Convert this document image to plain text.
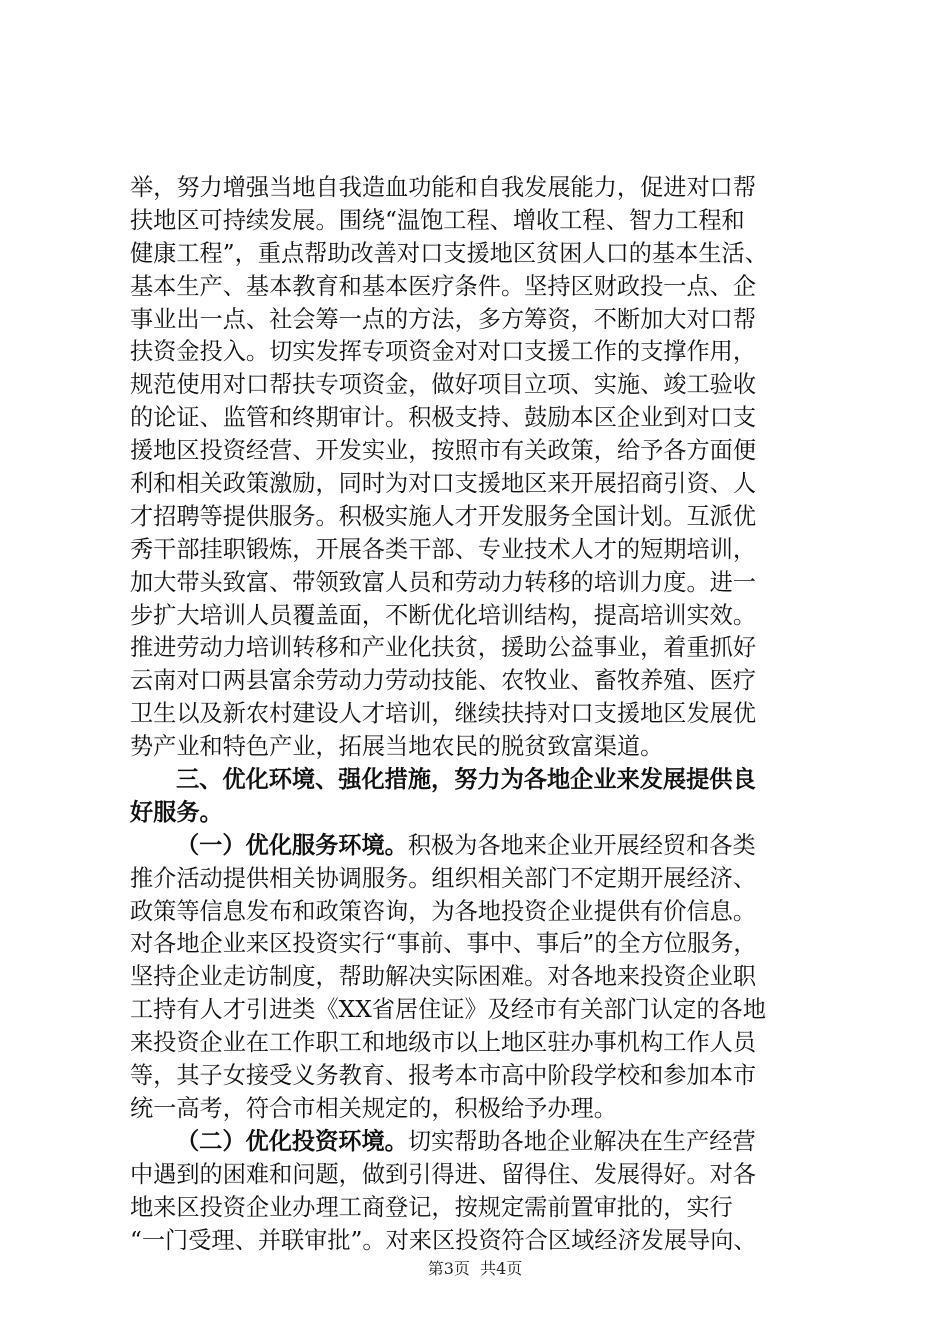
举，努力增强当地自我造血功能和自我发展能力，促进对口帮
扶地区可持续发展。围绕“温饱工程、增收工程、智力工程和
健康工程”，重点帮助改善对口支援地区贫困人口的基本生活、
基本生产、基本教育和基本医疗条件。坚持区财政投一点、企
事业出一点、社会筹一点的方法，多方筹资，不断加大对口帮
扶资金投入。切实发挥专项资金对对口支援工作的支撑作用，
规范使用对口帮扶专项资金，做好项目立项、实施、竣工验收
的论证、监管和终期审计。积极支持、鼓励本区企业到对口支
援地区投资经营、开发实业，按照市有关政策，给予各方面便
利和相关政策激励，同时为对口支援地区来开展招商引资、人
才招聘等提供服务。积极实施人才开发服务全国计划。互派优
秀干部挂职锻炼，开展各类干部、专业技术人才的短期培训，
加大带头致富、带领致富人员和劳动力转移的培训力度。进一
步扩大培训人员覆盖面，不断优化培训结构，提高培训实效。
推进劳动力培训转移和产业化扶贫，援助公益事业，着重抓好
云南对口两县富余劳动力劳动技能、农牧业、畜牧养殖、医疗
卫生以及新农村建设人才培训，继续扶持对口支援地区发展优
势产业和特色产业，拓展当地农民的脱贫致富渠道。
三、优化环境、强化措施，努力为各地企业来发展提供良
好服务。
（一）优化服务环境。积极为各地来企业开展经贸和各类
推介活动提供相关协调服务。组织相关部门不定期开展经济、
政策等信息发布和政策咨询，为各地投资企业提供有价信息。
对各地企业来区投资实行“事前、事中、事后”的全方位服务，
坚持企业走访制度，帮助解决实际困难。对各地来投资企业职
工持有人才引进类《XX省居住证》及经市有关部门认定的各地
来投资企业在工作职工和地级市以上地区驻办事机构工作人员
等，其子女接受义务教育、报考本市高中阶段学校和参加本市
统一高考，符合市相关规定的，积极给予办理。
（二）优化投资环境。切实帮助各地企业解决在生产经营
中遇到的困难和问题，做到引得进、留得住、发展得好。对各
地来区投资企业办理工商登记，按规定需前置审批的，实行
“一门受理、并联审批”。对来区投资符合区域经济发展导向、
第3页  共4页
